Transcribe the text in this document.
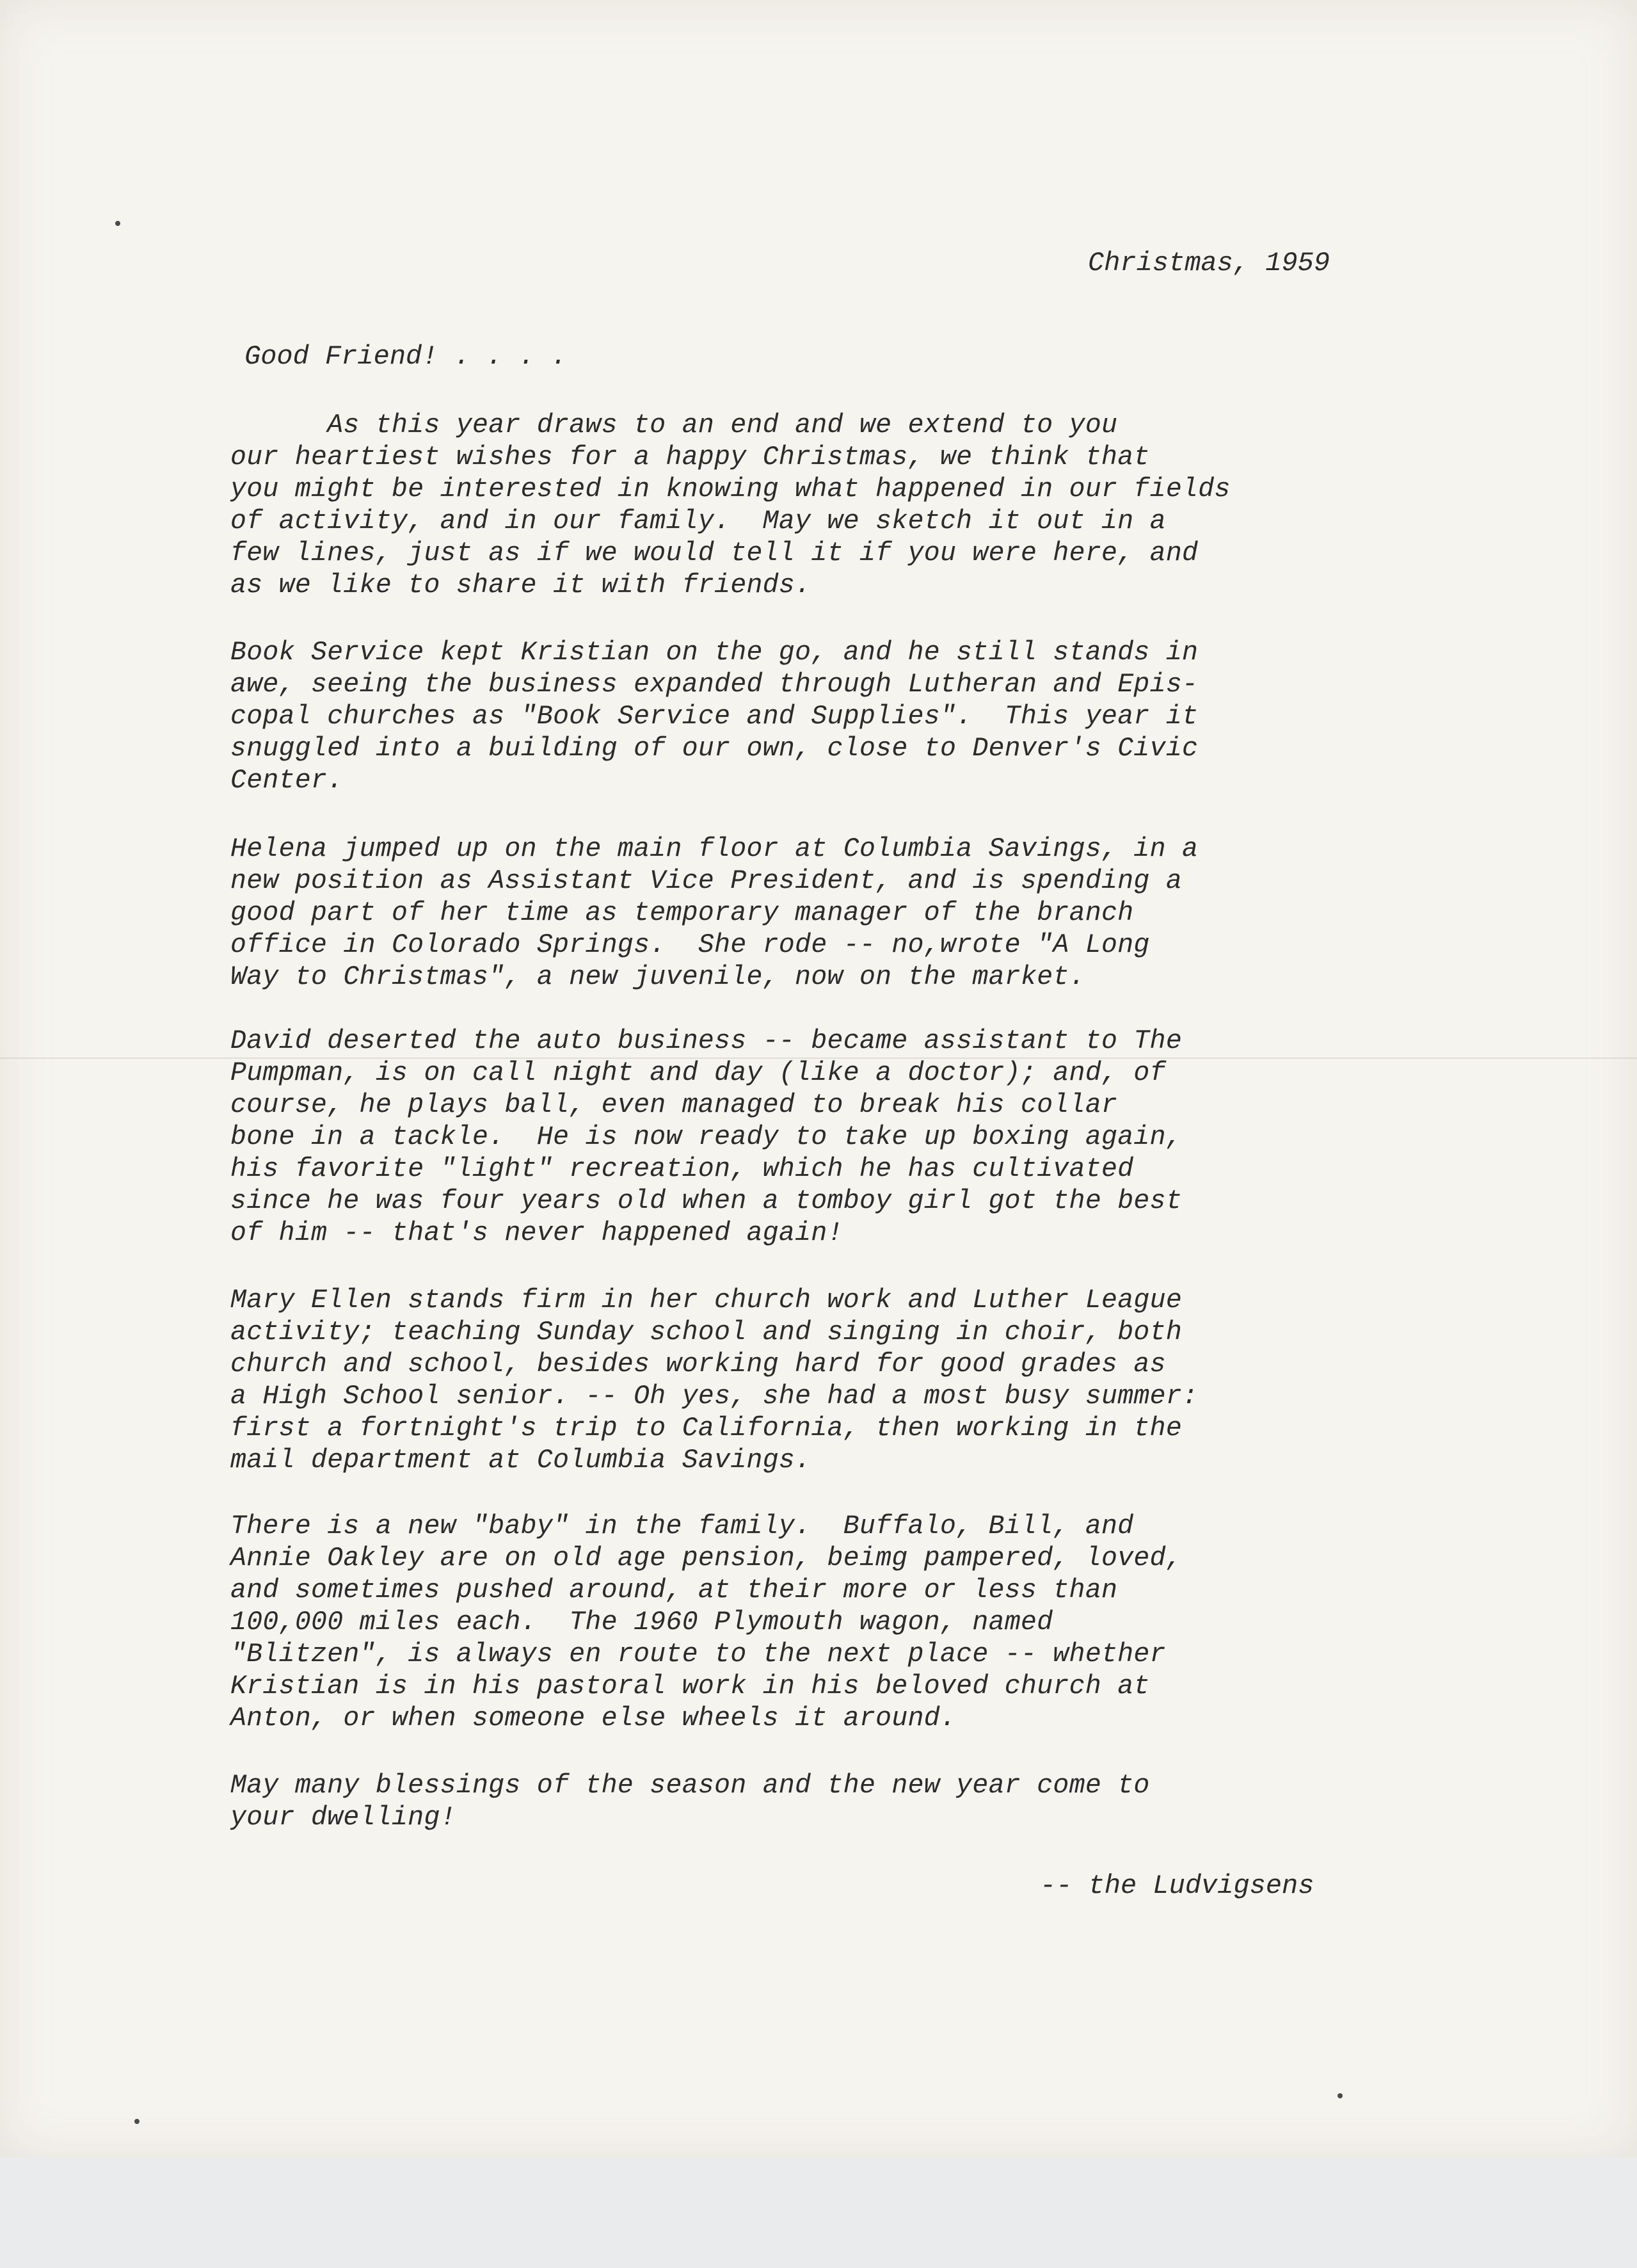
Christmas, 1959
Good Friend! . . . .
As this year draws to an end and we extend to you
our heartiest wishes for a happy Christmas, we think that
you might be interested in knowing what happened in our fields
of activity, and in our family.  May we sketch it out in a
few lines, just as if we would tell it if you were here, and
as we like to share it with friends.
Book Service kept Kristian on the go, and he still stands in
awe, seeing the business expanded through Lutheran and Epis-
copal churches as "Book Service and Supplies".  This year it
snuggled into a building of our own, close to Denver's Civic
Center.
Helena jumped up on the main floor at Columbia Savings, in a
new position as Assistant Vice President, and is spending a
good part of her time as temporary manager of the branch
office in Colorado Springs.  She rode -- no,wrote "A Long
Way to Christmas", a new juvenile, now on the market.
David deserted the auto business -- became assistant to The
Pumpman, is on call night and day (like a doctor); and, of
course, he plays ball, even managed to break his collar
bone in a tackle.  He is now ready to take up boxing again,
his favorite "light" recreation, which he has cultivated
since he was four years old when a tomboy girl got the best
of him -- that's never happened again!
Mary Ellen stands firm in her church work and Luther League
activity; teaching Sunday school and singing in choir, both
church and school, besides working hard for good grades as
a High School senior. -- Oh yes, she had a most busy summer:
first a fortnight's trip to California, then working in the
mail department at Columbia Savings.
There is a new "baby" in the family.  Buffalo, Bill, and
Annie Oakley are on old age pension, beimg pampered, loved,
and sometimes pushed around, at their more or less than
100,000 miles each.  The 1960 Plymouth wagon, named
"Blitzen", is always en route to the next place -- whether
Kristian is in his pastoral work in his beloved church at
Anton, or when someone else wheels it around.
May many blessings of the season and the new year come to
your dwelling!
-- the Ludvigsens
